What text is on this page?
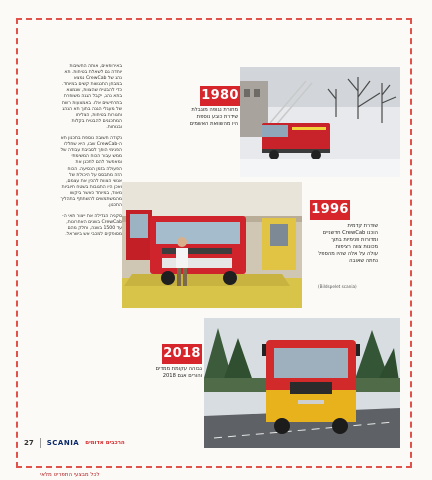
באירופאים, אותה החשיבות יוחדה גם לשאלת בטיחות. תא נהג של CrewCab נמצא במבחן התנגשות קשים במיוחד. כדי להבטיח שהצוות, שנמצא בתא נהג, יקבל הגנה משופרת בתרחישים אלו. באמצעות רשת של מעגלי הגנה בתוך תא הנהג וחגורות בטיחות, הצליחו המתכננים להבטיח בקלות ובנוחות.

נקודה חשובה נוספת בתכנון תא ה-CrewCab שבו, היא שחללו הפנימי הופך לסביבת עבודה של ממש עבור הכוח המשימתי ומאפשר להם לתכנן את הפעולה בזמן הנסיעה. הכוח הזה מתבסס על היכולת של אנשי הצוות להכין את עצמם, ואכן היו התגובות בשטח חיוביות מאוד, במיוחד כאשר ביקשו מהמשתמשים להשתתף בתהליך התכנון.

סקניה הגדילה את ייצור תאי ה-CrewCab בשנים האחרונות, עד 1500 בשנה, וחלק מהם מסופקים למכבי אש בישראל.

1980
מחורת נגופה מוגבלת
שידרת כובע נוספת
היו מהשוואת האשמים
1996
שודרת קדמית
הוכנו CrewCab חדשניים
ומדורות פנימיות בתוך
מכונות צווה רציפות
עולה על אלה שהיו מהספל
נחתה שאובה
(Bildspelet scania)
2018
גבוהה עקומת ממדים
והורים אגם 2018
27 SCANIA הרכבים אדומים
לכל מבצעי התפריט מלאי
